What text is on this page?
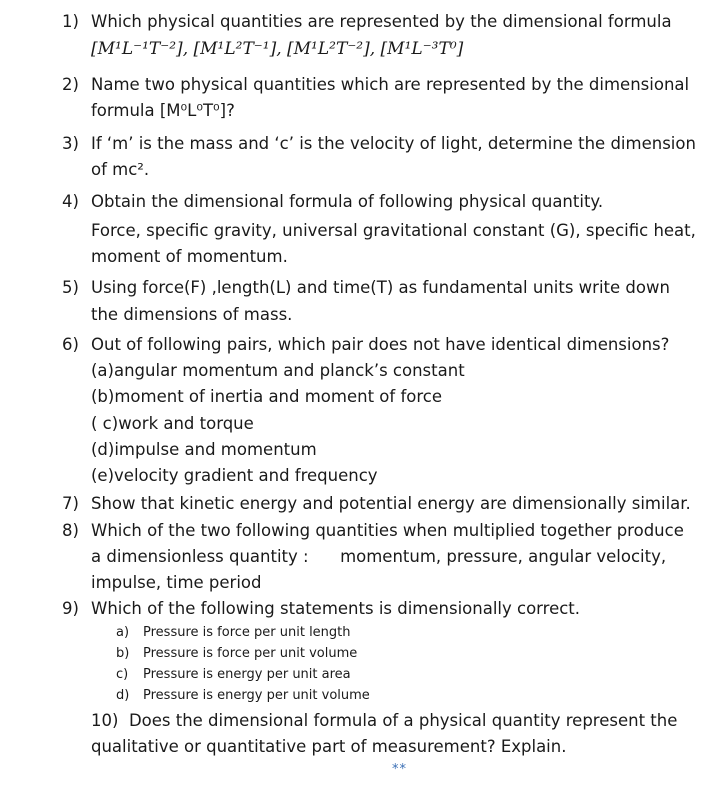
1) Which physical quantities are represented by the dimensional formula
[M¹L⁻¹T⁻²], [M¹L²T⁻¹], [M¹L²T⁻²], [M¹L⁻³T⁰]
2) Name two physical quantities which are represented by the dimensional
formula [M⁰L⁰T⁰]?
3) If ‘m’ is the mass and ‘c’ is the velocity of light, determine the dimension
of mc².
4) Obtain the dimensional formula of following physical quantity.
Force, specific gravity, universal gravitational constant (G), specific heat,
moment of momentum.
5) Using force(F) ,length(L) and time(T) as fundamental units write down
the dimensions of mass.
6) Out of following pairs, which pair does not have identical dimensions?
(a)angular momentum and planck’s constant
(b)moment of inertia and moment of force
( c)work and torque
(d)impulse and momentum
(e)velocity gradient and frequency
7) Show that kinetic energy and potential energy are dimensionally similar.
8) Which of the two following quantities when multiplied together produce
a dimensionless quantity :      momentum, pressure, angular velocity,
impulse, time period
9) Which of the following statements is dimensionally correct.
a) Pressure is force per unit length
b) Pressure is force per unit volume
c) Pressure is energy per unit area
d) Pressure is energy per unit volume
10) Does the dimensional formula of a physical quantity represent the
qualitative or quantitative part of measurement? Explain.
**
